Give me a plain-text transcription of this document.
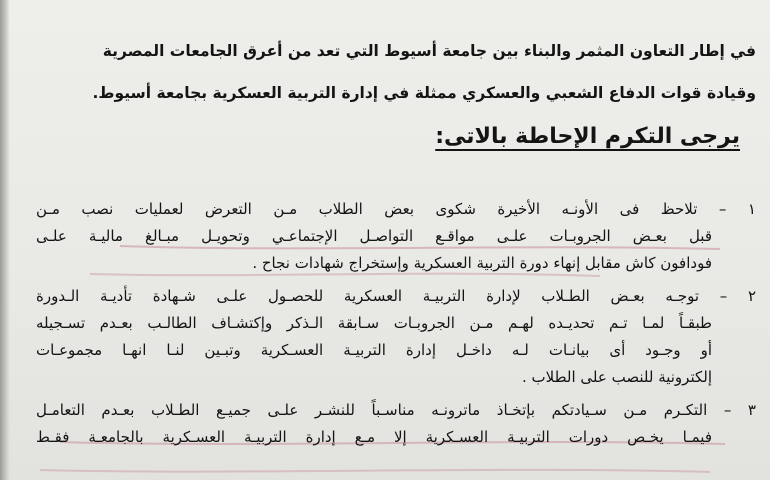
في إطار التعاون المثمر والبناء بين جامعة أسيوط التي تعد من أعرق الجامعات المصرية
وقيادة قوات الدفاع الشعبي والعسكري ممثلة في إدارة التربية العسكرية بجامعة أسيوط.

يرجى التكرم الإحاطة بالاتى:
١ – تلاحظ فى الأونـه الأخيرة شكوى بعض الطلاب مـن التعرض لعمليات نصب مـن
قبل بعـض الجروبـات علـى مواقـع التواصـل الإجتماعـي وتحويـل مبـالغ ماليـة علـى
فودافون كاش مقابل إنهاء دورة التربية العسكرية وإستخراج شهادات نجاح .
٢ – توجـه بعـض الطـلاب لإدارة التربيـة العسكرية للحصـول علـى شـهادة تأديـة الـدورة
طبقـاً لمـا تـم تحديـده لهـم مـن الجروبـات سـابقة الـذكر وإكتشـاف الطالـب بعـدم تسـجيله
أو وجـود أى بيانـات لـه داخـل إدارة التربيـة العسـكرية وتبـين لنـا انهـا مجموعـات
إلكترونية للنصب على الطلاب .
٣ – التكـرم مـن سـيادتكم بإتخـاذ ماترونـه مناسـباً للنشـر علـى جميـع الطـلاب بعـدم التعامـل
فيمـا يخـص دورات التربيـة العسـكرية إلا مـع إدارة التربيـة العسـكرية بالجامعـة فقـط
